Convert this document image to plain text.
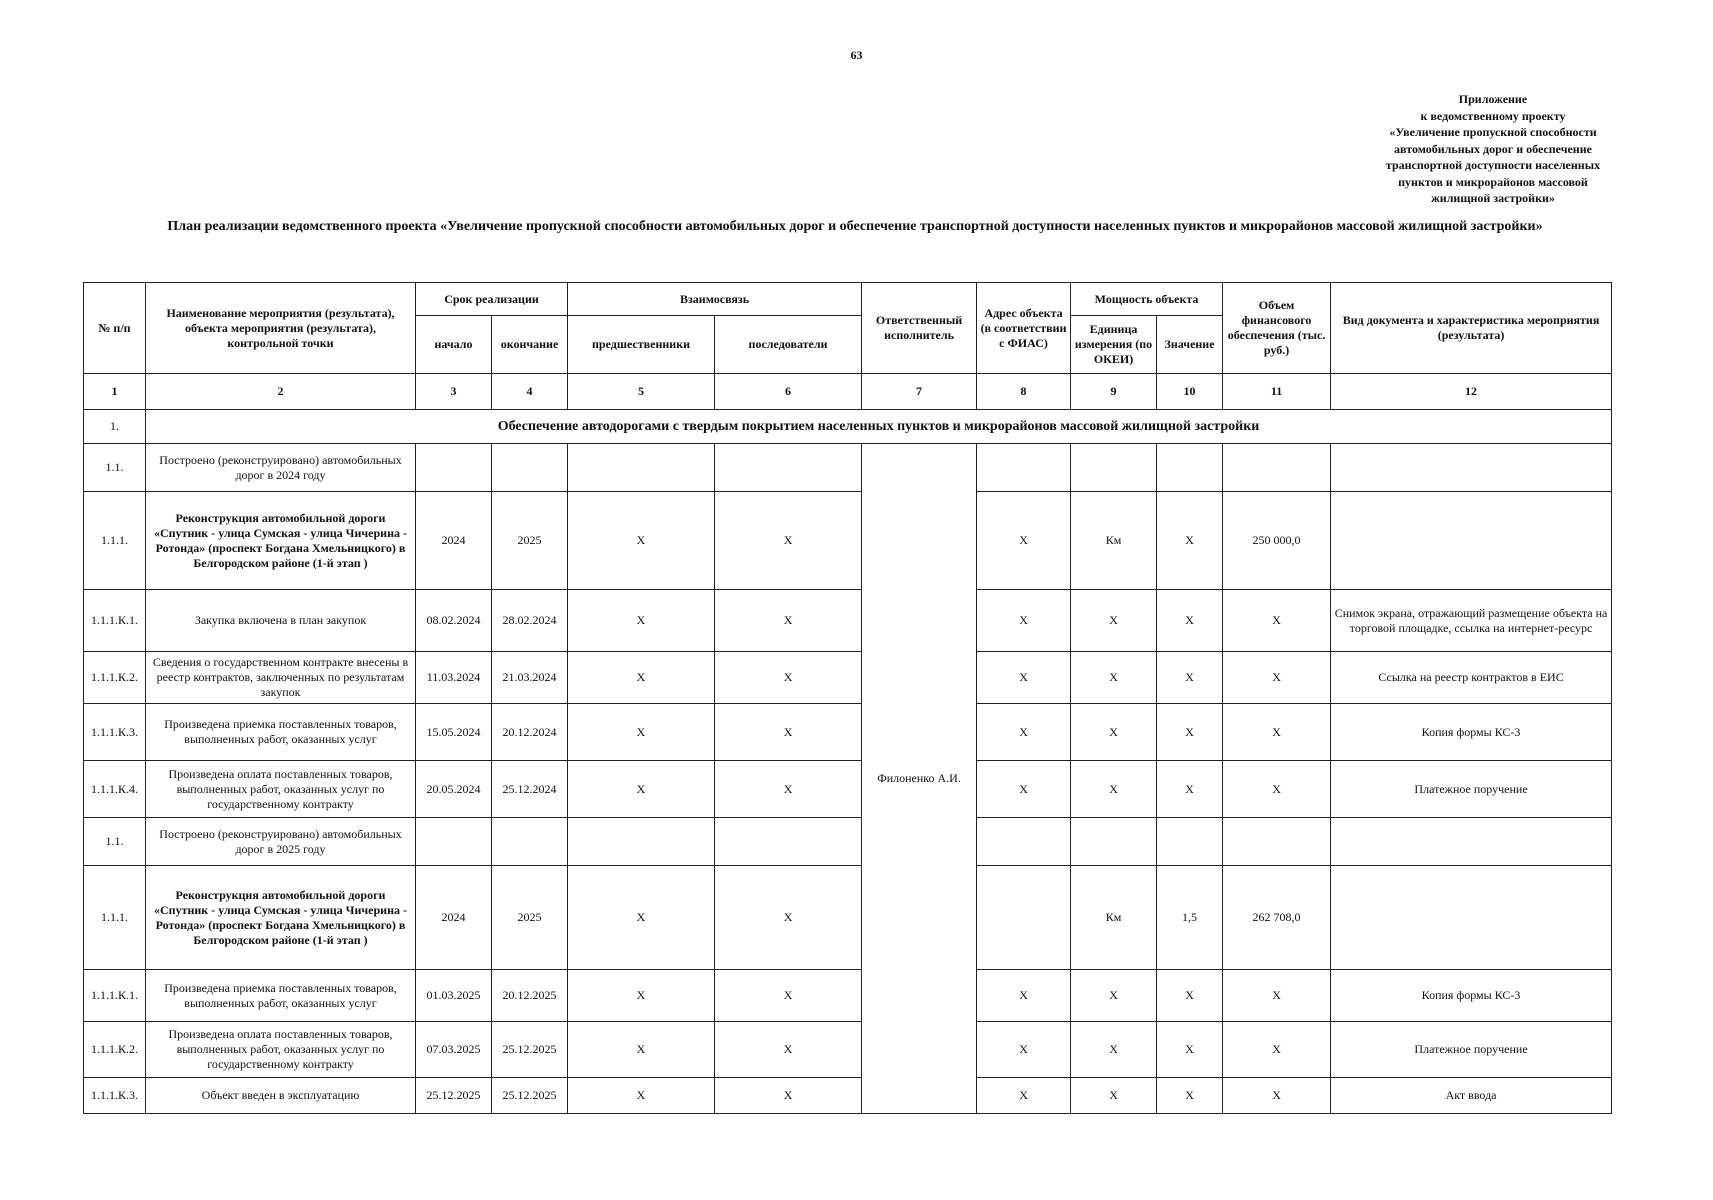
63
Приложение
к ведомственному проекту
«Увеличение пропускной способности
автомобильных дорог и обеспечение
транспортной доступности населенных
пунктов и микрорайонов массовой
жилищной застройки»
План реализации ведомственного проекта «Увеличение пропускной способности автомобильных дорог и обеспечение транспортной доступности населенных пунктов и микрорайонов массовой жилищной застройки»
№ п/п	Наименование мероприятия (результата), объекта мероприятия (результата), контрольной точки	Срок реализации		Взаимосвязь		Ответственный исполнитель	Адрес объекта (в соответствии с ФИАС)	Мощность объекта		Объем финансового обеспечения (тыс. руб.)	Вид документа и характеристика мероприятия (результата)
		начало	окончание	предшественники	последователи			Единица измерения (по ОКЕИ)	Значение		
1	2	3	4	5	6	7	8	9	10	11	12
1.	Обеспечение автодорогами с твердым покрытием населенных пунктов и микрорайонов массовой жилищной застройки										
1.1.	Построено (реконструировано) автомобильных дорог в 2024 году					Филоненко А.И.					
1.1.1.	Реконструкция автомобильной дороги «Спутник - улица Сумская - улица Чичерина - Ротонда» (проспект Богдана Хмельницкого) в Белгородском районе (1-й этап )	2024	2025	X	X		X	Км	X	250 000,0	
1.1.1.К.1.	Закупка включена в план закупок	08.02.2024	28.02.2024	X	X		X	X	X	X	Снимок экрана, отражающий размещение объекта на торговой площадке, ссылка на интернет-ресурс
1.1.1.К.2.	Сведения о государственном контракте внесены в реестр контрактов, заключенных по результатам закупок	11.03.2024	21.03.2024	X	X		X	X	X	X	Ссылка на реестр контрактов в ЕИС
1.1.1.К.3.	Произведена приемка поставленных товаров, выполненных работ, оказанных услуг	15.05.2024	20.12.2024	X	X		X	X	X	X	Копия формы КС-3
1.1.1.К.4.	Произведена оплата поставленных товаров, выполненных работ, оказанных услуг по государственному контракту	20.05.2024	25.12.2024	X	X		X	X	X	X	Платежное поручение
1.1.	Построено (реконструировано) автомобильных дорог в 2025 году										
1.1.1.	Реконструкция автомобильной дороги «Спутник - улица Сумская - улица Чичерина - Ротонда» (проспект Богдана Хмельницкого) в Белгородском районе (1-й этап )	2024	2025	X	X			Км	1,5	262 708,0	
1.1.1.К.1.	Произведена приемка поставленных товаров, выполненных работ, оказанных услуг	01.03.2025	20.12.2025	X	X		X	X	X	X	Копия формы КС-3
1.1.1.К.2.	Произведена оплата поставленных товаров, выполненных работ, оказанных услуг по государственному контракту	07.03.2025	25.12.2025	X	X		X	X	X	X	Платежное поручение
1.1.1.К.3.	Объект введен в эксплуатацию	25.12.2025	25.12.2025	X	X		X	X	X	X	Акт ввода
